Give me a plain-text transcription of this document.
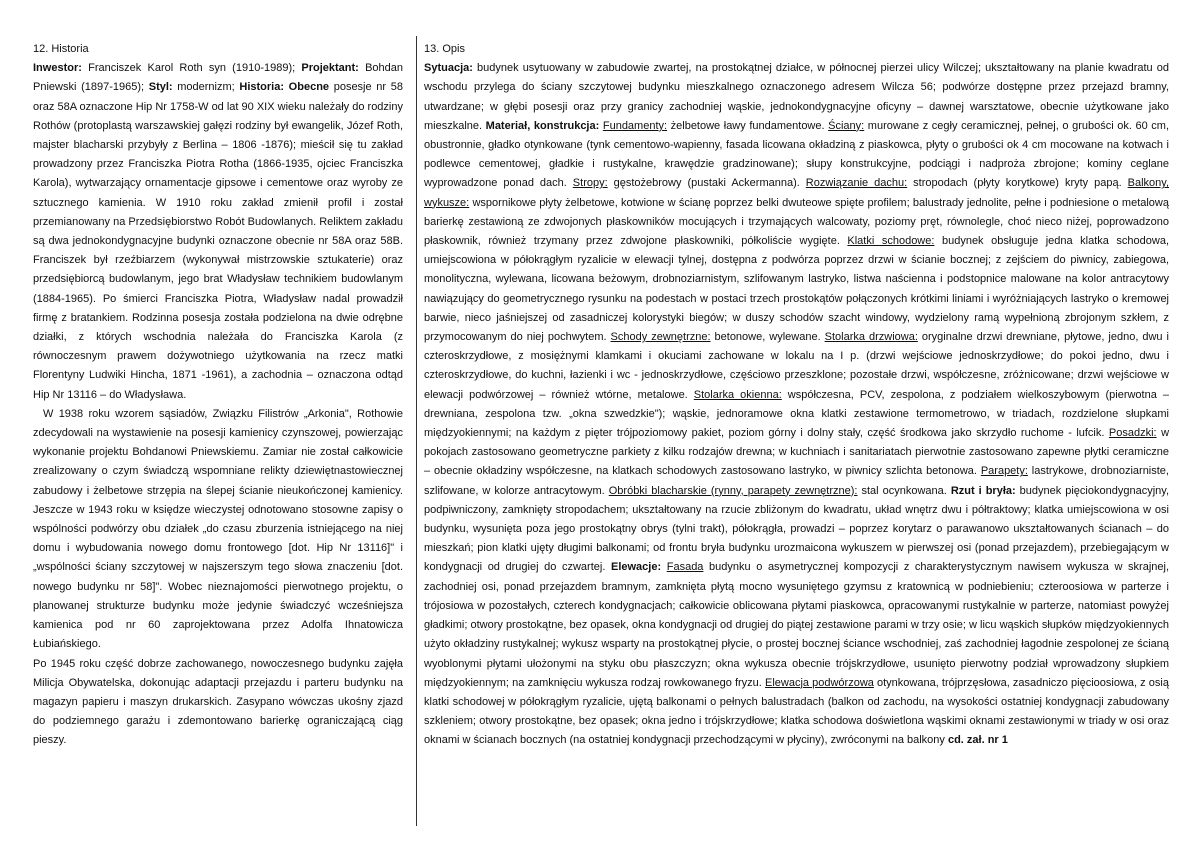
12. Historia

Inwestor: Franciszek Karol Roth syn (1910-1989); Projektant: Bohdan Pniewski (1897-1965); Styl: modernizm; Historia: Obecne posesje nr 58 oraz 58A oznaczone Hip Nr 1758-W od lat 90 XIX wieku należały do rodziny Rothów (protoplastą warszawskiej gałęzi rodziny był ewangelik, Józef Roth, majster blacharski przybyły z Berlina – 1806 -1876); mieścił się tu zakład prowadzony przez Franciszka Piotra Rotha (1866-1935, ojciec Franciszka Karola), wytwarzający ornamentacje gipsowe i cementowe oraz wyroby ze sztucznego kamienia. W 1910 roku zakład zmienił profil i został przemianowany na Przedsiębiorstwo Robót Budowlanych. Reliktem zakładu są dwa jednokondygnacyjne budynki oznaczone obecnie nr 58A oraz 58B. Franciszek był rzeźbiarzem (wykonywał mistrzowskie sztukaterie) oraz przedsiębiorcą budowlanym, jego brat Władysław technikiem budowlanym (1884-1965). Po śmierci Franciszka Piotra, Władysław nadal prowadził firmę z bratankiem. Rodzinna posesja została podzielona na dwie odrębne działki, z których wschodnia należała do Franciszka Karola (z równoczesnym prawem dożywotniego użytkowania na rzecz matki Florentyny Ludwiki Hincha, 1871 -1961), a zachodnia – oznaczona odtąd Hip Nr 13116 – do Władysława.

W 1938 roku wzorem sąsiadów, Związku Filistrów „Arkonia", Rothowie zdecydowali na wystawienie na posesji kamienicy czynszowej, powierzając wykonanie projektu Bohdanowi Pniewskiemu. Zamiar nie został całkowicie zrealizowany o czym świadczą wspomniane relikty dziewiętnastowiecznej zabudowy i żelbetowe strzępia na ślepej ścianie nieukończonej kamienicy. Jeszcze w 1943 roku w księdze wieczystej odnotowano stosowne zapisy o wspólności podwórzy obu działek „do czasu zburzenia istniejącego na niej domu i wybudowania nowego domu frontowego [dot. Hip Nr 13116]" i „wspólności ściany szczytowej w najszerszym tego słowa znaczeniu [dot. nowego budynku nr 58]". Wobec nieznajomości pierwotnego projektu, o planowanej strukturze budynku może jedynie świadczyć wcześniejsza kamienica pod nr 60 zaprojektowana przez Adolfa Ihnatowicza Łubiańskiego.

Po 1945 roku część dobrze zachowanego, nowoczesnego budynku zajęła Milicja Obywatelska, dokonując adaptacji przejazdu i parteru budynku na magazyn papieru i maszyn drukarskich. Zasypano wówczas ukośny zjazd do podziemnego garażu i zdemontowano barierkę ograniczającą ciąg pieszy.

13. Opis

Sytuacja: budynek usytuowany w zabudowie zwartej, na prostokątnej działce, w północnej pierzei ulicy Wilczej; ukształtowany na planie kwadratu od wschodu przylega do ściany szczytowej budynku mieszkalnego oznaczonego adresem Wilcza 56; podwórze dostępne przez przejazd bramny, utwardzane; w głębi posesji oraz przy granicy zachodniej wąskie, jednokondygnacyjne oficyny – dawnej warsztatowe, obecnie użytkowane jako mieszkalne. Materiał, konstrukcja: Fundamenty: żelbetowe ławy fundamentowe. Ściany: murowane z cegły ceramicznej, pełnej, o grubości ok. 60 cm, obustronnie, gładko otynkowane (tynk cementowo-wapienny, fasada licowana okładziną z piaskowca, płyty o grubości ok 4 cm mocowane na kotwach i podlewce cementowej, gładkie i rustykalne, krawędzie gradzinowane); słupy konstrukcyjne, podciągi i nadproża zbrojone; kominy ceglane wyprowadzone ponad dach. Stropy: gęstożebrowy (pustaki Ackermanna). Rozwiązanie dachu: stropodach (płyty korytkowe) kryty papą. Balkony, wykusze: wspornikowe płyty żelbetowe, kotwione w ścianę poprzez belki dwuteowe spięte profilem; balustrady jednolite, pełne i podniesione o metalową barierkę zestawioną ze zdwojonych płaskowników mocujących i trzymających walcowaty, poziomy pręt, równolegle, choć nieco niżej, poprowadzono płaskownik, również trzymany przez zdwojone płaskowniki, półkoliście wygięte. Klatki schodowe: budynek obsługuje jedna klatka schodowa, umiejscowiona w półokrągłym ryzalicie w elewacji tylnej, dostępna z podwórza poprzez drzwi w ścianie bocznej; z zejściem do piwnicy, zabiegowa, monolityczna, wylewana, licowana beżowym, drobnoziarnistym, szlifowanym lastryko, listwa naścienna i podstopnice malowane na kolor antracytowy nawiązujący do geometrycznego rysunku na podestach w postaci trzech prostokątów połączonych krótkimi liniami i wyróżniających lastryko o kremowej barwie, nieco jaśniejszej od zasadniczej kolorystyki biegów; w duszy schodów szacht windowy, wydzielony ramą wypełnioną zbrojonym szkłem, z przymocowanym do niej pochwytem. Schody zewnętrzne: betonowe, wylewane. Stolarka drzwiowa: oryginalne drzwi drewniane, płytowe, jedno, dwu i czteroskrzydłowe, z mosiężnymi klamkami i okuciami zachowane w lokalu na I p. (drzwi wejściowe jednoskrzydłowe; do pokoi jedno, dwu i czteroskrzydłowe, do kuchni, łazienki i wc - jednoskrzydłowe, częściowo przeszklone; pozostałe drzwi, współczesne, zróżnicowane; drzwi wejściowe w elewacji podwórzowej – również wtórne, metalowe. Stolarka okienna: współczesna, PCV, zespolona, z podziałem wielkoszybowym (pierwotna – drewniana, zespolona tzw. „okna szwedzkie"); wąskie, jednoramowe okna klatki zestawione termometrowo, w triadach, rozdzielone słupkami międzyokiennymi; na każdym z pięter trójpoziomowy pakiet, poziom górny i dolny stały, część środkowa jako skrzydło ruchome - lufcik. Posadzki: w pokojach zastosowano geometryczne parkiety z kilku rodzajów drewna; w kuchniach i sanitariatach pierwotnie zastosowano zapewne płytki ceramiczne – obecnie okładziny współczesne, na klatkach schodowych zastosowano lastryko, w piwnicy szlichta betonowa. Parapety: lastrykowe, drobnoziarniste, szlifowane, w kolorze antracytowym. Obróbki blacharskie (rynny, parapety zewnętrzne): stal ocynkowana. Rzut i bryła: budynek pięciokondygnacyjny, podpiwniczony, zamknięty stropodachem; ukształtowany na rzucie zbliżonym do kwadratu, układ wnętrz dwu i półtraktowy; klatka umiejscowiona w osi budynku, wysunięta poza jego prostokątny obrys (tylni trakt), półokrągła, prowadzi – poprzez korytarz o parawanowo ukształtowanych ścianach – do mieszkań; pion klatki ujęty długimi balkonami; od frontu bryła budynku urozmaicona wykuszem w pierwszej osi (ponad przejazdem), przebiegającym w kondygnacji od drugiej do czwartej. Elewacje: Fasada budynku o asymetrycznej kompozycji z charakterystycznym nawisem wykusza w skrajnej, zachodniej osi, ponad przejazdem bramnym, zamknięta płytą mocno wysuniętego gzymsu z kratownicą w podniebieniu; czteroosiowa w parterze i trójosiowa w pozostałych, czterech kondygnacjach; całkowicie oblicowana płytami piaskowca, opracowanymi rustykalnie w parterze, natomiast powyżej gładkimi; otwory prostokątne, bez opasek, okna kondygnacji od drugiej do piątej zestawione parami w trzy osie; w licu wąskich słupków międzyokiennych użyto okładziny rustykalnej; wykusz wsparty na prostokątnej płycie, o prostej bocznej ściance wschodniej, zaś zachodniej łagodnie zespolonej ze ścianą wyoblonymi płytami ułożonymi na styku obu płaszczyzn; okna wykusza obecnie trójskrzydłowe, usunięto pierwotny podział wprowadzony słupkiem międzyokiennym; na zamknięciu wykusza rodzaj rowkowanego fryzu. Elewacja podwórzowa otynkowana, trójprzęsłowa, zasadniczo pięcioosiowa, z osią klatki schodowej w półokrągłym ryzalicie, ujętą balkonami o pełnych balustradach (balkon od zachodu, na wysokości ostatniej kondygnacji zabudowany szkleniem; otwory prostokątne, bez opasek; okna jedno i trójskrzydłowe; klatka schodowa doświetlona wąskimi oknami zestawionymi w triady w osi oraz oknami w ścianach bocznych (na ostatniej kondygnacji przechodzącymi w płyciny), zwróconymi na balkony cd. zał. nr 1
